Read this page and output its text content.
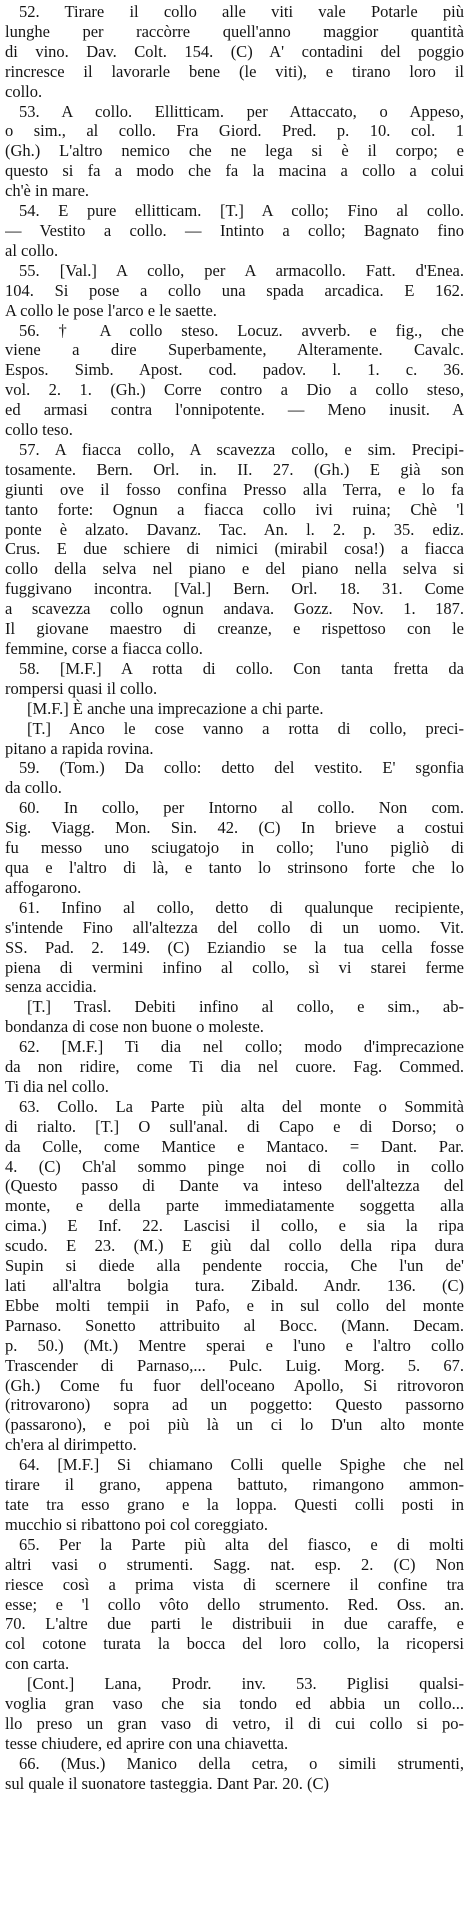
52. Tirare il collo alle viti vale Potarle più
lunghe per raccòrre quell'anno maggior quantità
di vino. Dav. Colt. 154. (C) A' contadini del poggio
rincresce il lavorarle bene (le viti), e tirano loro il
collo.
53. A collo. Ellitticam. per Attaccato, o Appeso,
o sim., al collo. Fra Giord. Pred. p. 10. col. 1
(Gh.) L'altro nemico che ne lega si è il corpo; e
questo si fa a modo che fa la macina a collo a colui
ch'è in mare.
54. E pure ellitticam. [T.] A collo; Fino al collo.
— Vestito a collo. — Intinto a collo; Bagnato fino
al collo.
55. [Val.] A collo, per A armacollo. Fatt. d'Enea.
104. Si pose a collo una spada arcadica. E 162.
A collo le pose l'arco e le saette.
56. † A collo steso. Locuz. avverb. e fig., che
viene a dire Superbamente, Alteramente. Cavalc.
Espos. Simb. Apost. cod. padov. l. 1. c. 36.
vol. 2. 1. (Gh.) Corre contro a Dio a collo steso,
ed armasi contra l'onnipotente. — Meno inusit. A
collo teso.
57. A fiacca collo, A scavezza collo, e sim. Precipi-
tosamente. Bern. Orl. in. II. 27. (Gh.) E già son
giunti ove il fosso confina Presso alla Terra, e lo fa
tanto forte: Ognun a fiacca collo ivi ruina; Chè 'l
ponte è alzato. Davanz. Tac. An. l. 2. p. 35. ediz.
Crus. E due schiere di nimici (mirabil cosa!) a fiacca
collo della selva nel piano e del piano nella selva si
fuggivano incontra. [Val.] Bern. Orl. 18. 31. Come
a scavezza collo ognun andava. Gozz. Nov. 1. 187.
Il giovane maestro di creanze, e rispettoso con le
femmine, corse a fiacca collo.
58. [M.F.] A rotta di collo. Con tanta fretta da
rompersi quasi il collo.
[M.F.] È anche una imprecazione a chi parte.
[T.] Anco le cose vanno a rotta di collo, preci-
pitano a rapida rovina.
59. (Tom.) Da collo: detto del vestito. E' sgonfia
da collo.
60. In collo, per Intorno al collo. Non com.
Sig. Viagg. Mon. Sin. 42. (C) In brieve a costui
fu messo uno sciugatojo in collo; l'uno pigliò di
qua e l'altro di là, e tanto lo strinsono forte che lo
affogarono.
61. Infino al collo, detto di qualunque recipiente,
s'intende Fino all'altezza del collo di un uomo. Vit.
SS. Pad. 2. 149. (C) Eziandio se la tua cella fosse
piena di vermini infino al collo, sì vi starei ferme
senza accidia.
[T.] Trasl. Debiti infino al collo, e sim., ab-
bondanza di cose non buone o moleste.
62. [M.F.] Ti dia nel collo; modo d'imprecazione
da non ridire, come Ti dia nel cuore. Fag. Commed.
Ti dia nel collo.
63. Collo. La Parte più alta del monte o Sommità
di rialto. [T.] O sull'anal. di Capo e di Dorso; o
da Colle, come Mantice e Mantaco. = Dant. Par.
4. (C) Ch'al sommo pinge noi di collo in collo
(Questo passo di Dante va inteso dell'altezza del
monte, e della parte immediatamente soggetta alla
cima.) E Inf. 22. Lascisi il collo, e sia la ripa
scudo. E 23. (M.) E giù dal collo della ripa dura
Supin si diede alla pendente roccia, Che l'un de'
lati all'altra bolgia tura. Zibald. Andr. 136. (C)
Ebbe molti tempii in Pafo, e in sul collo del monte
Parnaso. Sonetto attribuito al Bocc. (Mann. Decam.
p. 50.) (Mt.) Mentre sperai e l'uno e l'altro collo
Trascender di Parnaso,... Pulc. Luig. Morg. 5. 67.
(Gh.) Come fu fuor dell'oceano Apollo, Si ritrovoron
(ritrovarono) sopra ad un poggetto: Questo passorno
(passarono), e poi più là un ci lo D'un alto monte
ch'era al dirimpetto.
64. [M.F.] Si chiamano Colli quelle Spighe che nel
tirare il grano, appena battuto, rimangono ammon-
tate tra esso grano e la loppa. Questi colli posti in
mucchio si ribattono poi col coreggiato.
65. Per la Parte più alta del fiasco, e di molti
altri vasi o strumenti. Sagg. nat. esp. 2. (C) Non
riesce così a prima vista di scernere il confine tra
esse; e 'l collo vôto dello strumento. Red. Oss. an.
70. L'altre due parti le distribuii in due caraffe, e
col cotone turata la bocca del loro collo, la ricopersi
con carta.
[Cont.] Lana, Prodr. inv. 53. Piglisi qualsi-
voglia gran vaso che sia tondo ed abbia un collo...
llo preso un gran vaso di vetro, il di cui collo si po-
tesse chiudere, ed aprire con una chiavetta.
66. (Mus.) Manico della cetra, o simili strumenti,
sul quale il suonatore tasteggia. Dant Par. 20. (C)
